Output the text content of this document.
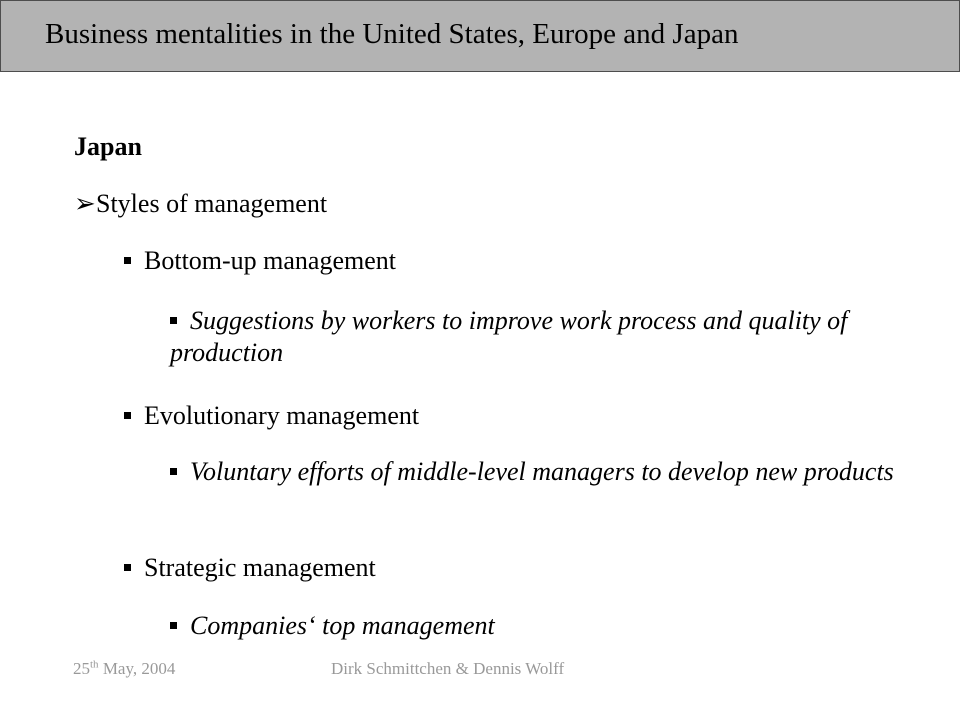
Business mentalities in the United States, Europe and Japan
Japan
➢Styles of management
Bottom-up management
Suggestions by workers to improve work process and quality of production
Evolutionary management
Voluntary efforts of middle-level managers to develop new products
Strategic management
Companies‘ top management
25th May, 2004	Dirk Schmittchen & Dennis Wolff
